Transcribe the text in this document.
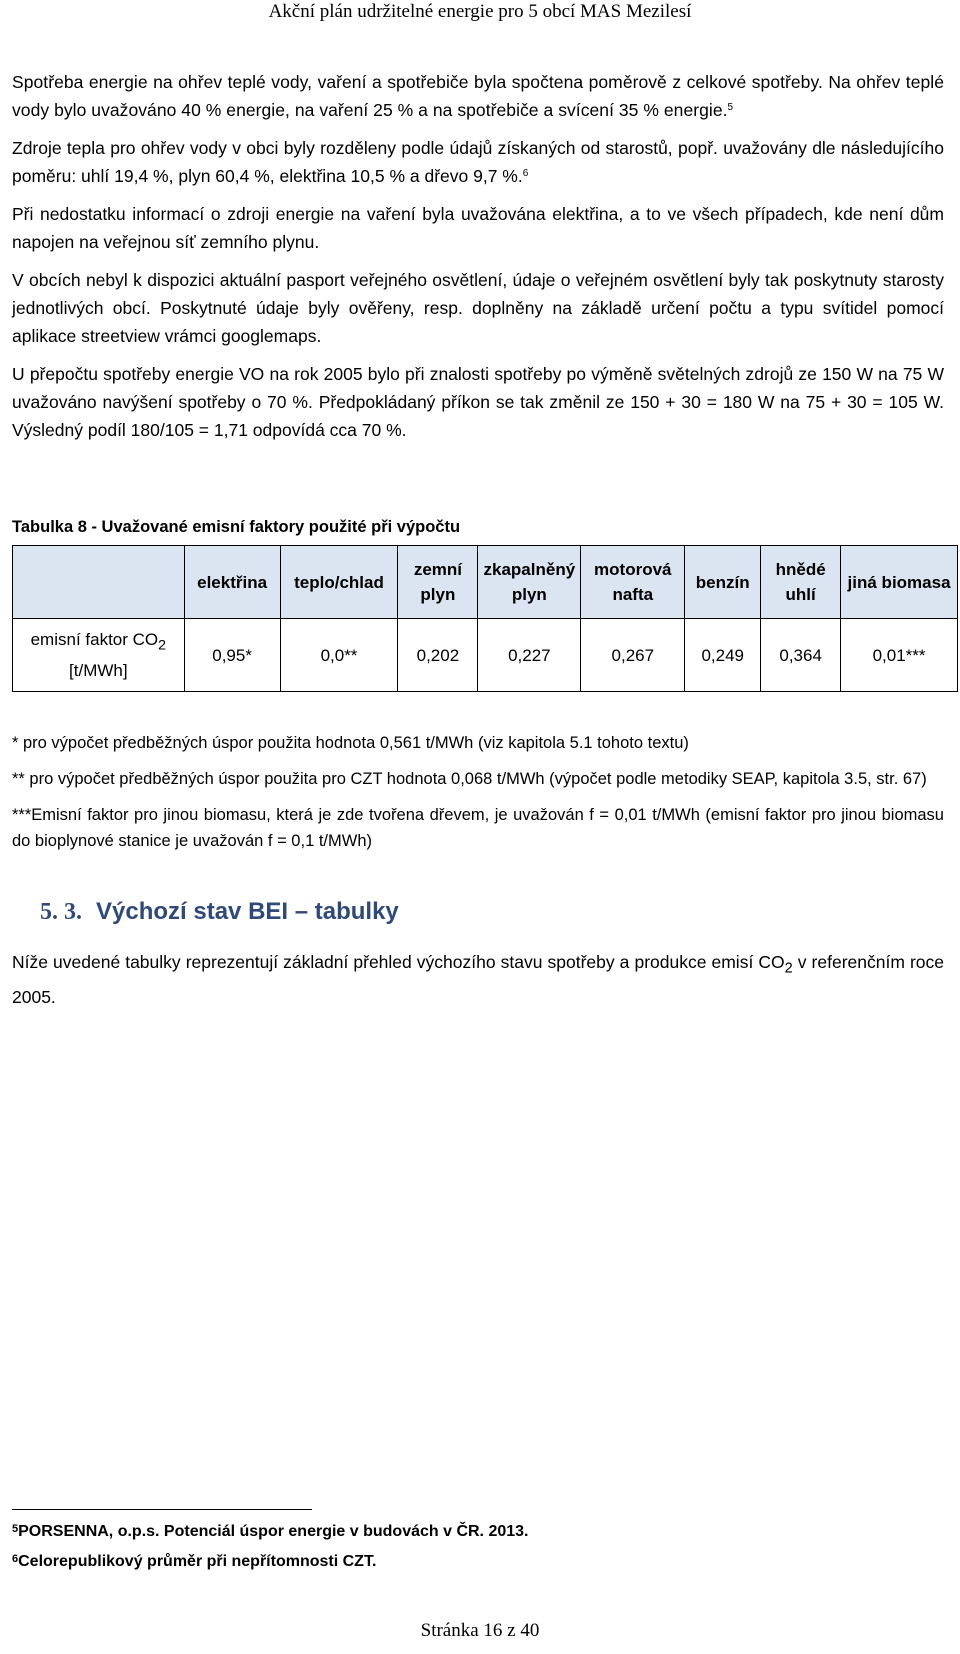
Akční plán udržitelné energie pro 5 obcí MAS Mezilesí

Spotřeba energie na ohřev teplé vody, vaření a spotřebiče byla spočtena poměrově z celkové spotřeby. Na ohřev teplé vody bylo uvažováno 40 % energie, na vaření 25 % a na spotřebiče a svícení 35 % energie.$^5$

Zdroje tepla pro ohřev vody v obci byly rozděleny podle údajů získaných od starostů, popř. uvažovány dle následujícího poměru: uhlí 19,4 %, plyn 60,4 %, elektřina 10,5 % a dřevo 9,7 %.$^6$

Při nedostatku informací o zdroji energie na vaření byla uvažována elektřina, a to ve všech případech, kde není dům napojen na veřejnou síť zemního plynu.

V obcích nebyl k dispozici aktuální pasport veřejného osvětlení, údaje o veřejném osvětlení byly tak poskytnuty starosty jednotlivých obcí. Poskytnuté údaje byly ověřeny, resp. doplněny na základě určení počtu a typu svítidel pomocí aplikace streetview vrámci googlemaps.

U přepočtu spotřeby energie VO na rok 2005 bylo při znalosti spotřeby po výměně světelných zdrojů ze 150 W na 75 W uvažováno navýšení spotřeby o 70 %. Předpokládaný příkon se tak změnil ze 150 + 30 = 180 W na 75 + 30 = 105 W. Výsledný podíl 180/105 = 1,71 odpovídá cca 70 %.

Tabulka 8 - Uvažované emisní faktory použité při výpočtu
	elektřina	teplo/chlad	zemní plyn	zkapalněný plyn	motorová nafta	benzín	hnědé uhlí	jiná biomasa
emisní faktor $CO_2$
[t/MWh]	0,95*	0,0**	0,202	0,227	0,267	0,249	0,364	0,01***

* pro výpočet předběžných úspor použita hodnota 0,561 t/MWh (viz kapitola 5.1 tohoto textu)

** pro výpočet předběžných úspor použita pro CZT hodnota 0,068 t/MWh (výpočet podle metodiky SEAP, kapitola 3.5, str. 67)

***Emisní faktor pro jinou biomasu, která je zde tvořena dřevem, je uvažován f = 0,01 t/MWh (emisní faktor pro jinou biomasu do bioplynové stanice je uvažován f = 0,1 t/MWh)

5. 3. Výchozí stav BEI – tabulky

Níže uvedené tabulky reprezentují základní přehled výchozího stavu spotřeby a produkce emisí $CO_2$ v referenčním roce 2005.

$^5$PORSENNA, o.p.s. Potenciál úspor energie v budovách v ČR. 2013.
$^6$Celorepublikový průměr při nepřítomnosti CZT.
Stránka 16 z 40
